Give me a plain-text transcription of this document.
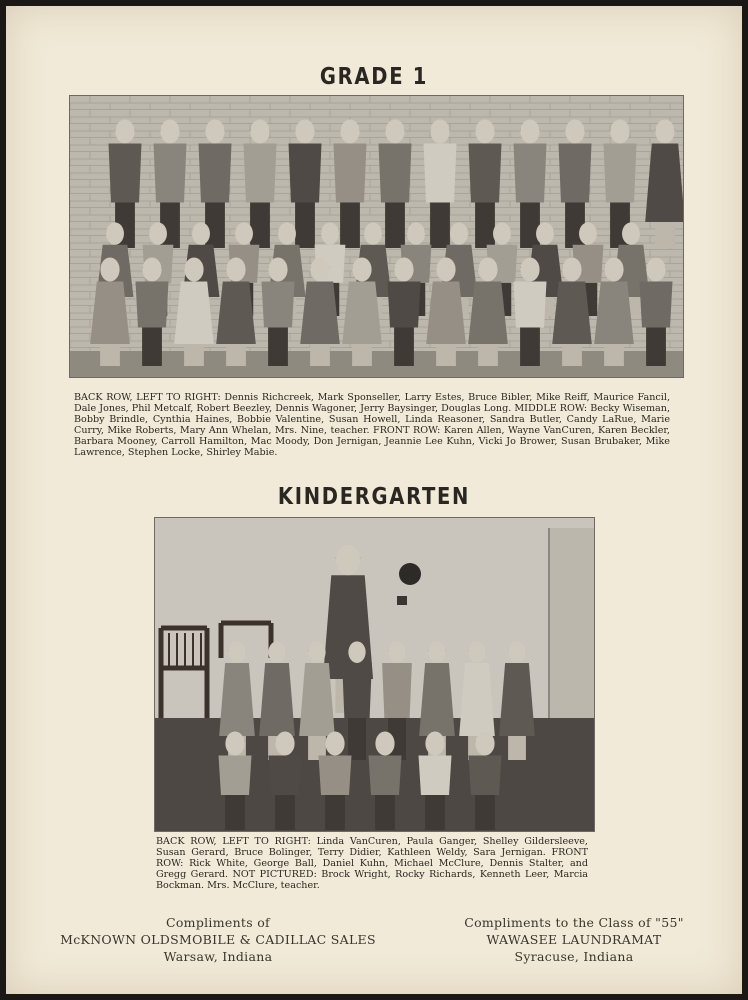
GRADE 1
BACK ROW, LEFT TO RIGHT: Dennis Richcreek, Mark Sponseller, Larry Estes, Bruce Bibler, Mike Reiff, Maurice Fancil, Dale Jones, Phil Metcalf, Robert Beezley, Dennis Wagoner, Jerry Baysinger, Douglas Long. MIDDLE ROW: Becky Wiseman, Bobby Brindle, Cynthia Haines, Bobbie Valentine, Susan Howell, Linda Reasoner, Sandra Butler, Candy LaRue, Marie Curry, Mike Roberts, Mary Ann Whelan, Mrs. Nine, teacher. FRONT ROW: Karen Allen, Wayne VanCuren, Karen Beckler, Barbara Mooney, Carroll Hamilton, Mac Moody, Don Jernigan, Jeannie Lee Kuhn, Vicki Jo Brower, Susan Brubaker, Mike Lawrence, Stephen Locke, Shirley Mabie.
KINDERGARTEN
BACK ROW, LEFT TO RIGHT: Linda VanCuren, Paula Ganger, Shelley Gildersleeve, Susan Gerard, Bruce Bolinger, Terry Didier, Kathleen Weldy, Sara Jernigan. FRONT ROW: Rick White, George Ball, Daniel Kuhn, Michael McClure, Dennis Stalter, and Gregg Gerard. NOT PICTURED: Brock Wright, Rocky Richards, Kenneth Leer, Marcia Bockman. Mrs. McClure, teacher.
Compliments of
McKNOWN OLDSMOBILE & CADILLAC SALES
Warsaw, Indiana
Compliments to the Class of "55"
WAWASEE LAUNDRAMAT
Syracuse, Indiana
